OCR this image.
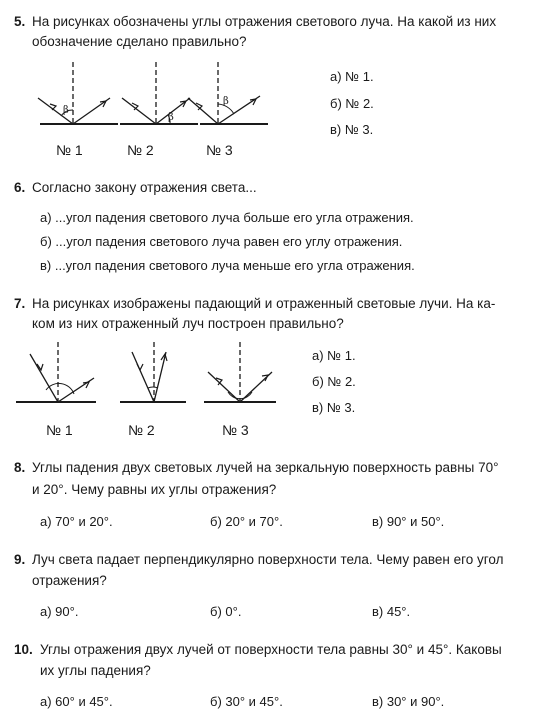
5. На рисунках обозначены углы отражения светового луча. На какой из них
обозначение сделано правильно?
β
β
β
№ 1	№ 2	№ 3
а) № 1.
б) № 2.
в) № 3.
6. Согласно закону отражения света...
а) ...угол падения светового луча больше его угла отражения.
б) ...угол падения светового луча равен его углу отражения.
в) ...угол падения светового луча меньше его угла отражения.
7. На рисунках изображены падающий и отраженный световые лучи. На ка-
ком из них отраженный луч построен правильно?
№ 1	№ 2	№ 3
а) № 1.
б) № 2.
в) № 3.
8. Углы падения двух световых лучей на зеркальную поверхность равны 70°
и 20°. Чему равны их углы отражения?
а) 70° и 20°.	б) 20° и 70°.	в) 90° и 50°.
9. Луч света падает перпендикулярно поверхности тела. Чему равен его угол
отражения?
а) 90°.	б) 0°.	в) 45°.
10. Углы отражения двух лучей от поверхности тела равны 30° и 45°. Каковы
их углы падения?
а) 60° и 45°.	б) 30° и 45°.	в) 30° и 90°.
